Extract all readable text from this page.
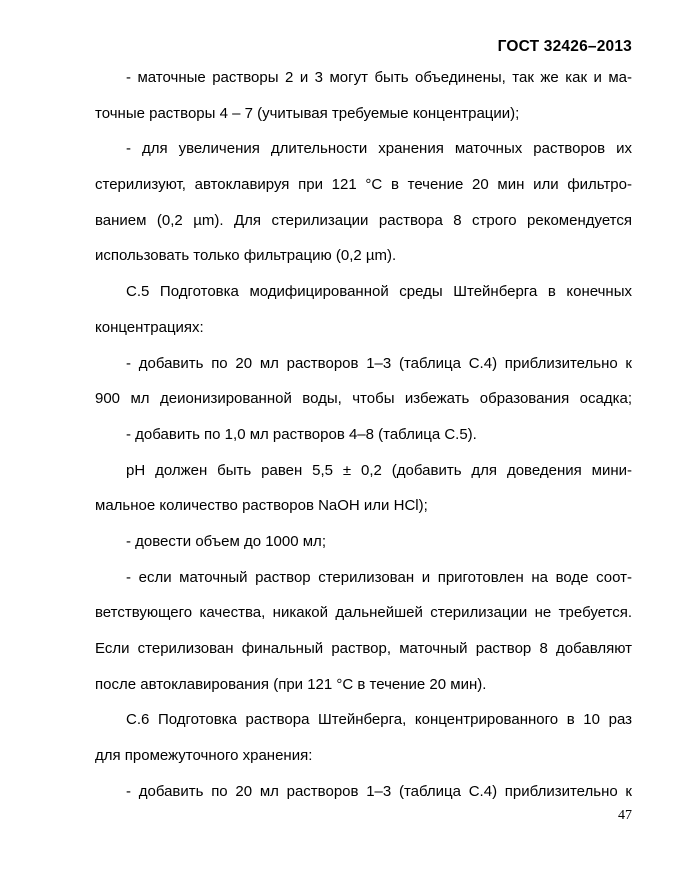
ГОСТ 32426–2013
- маточные растворы 2 и 3 могут быть объединены, так же как и ма-
точные растворы 4 – 7 (учитывая требуемые концентрации);
- для увеличения длительности хранения маточных растворов их
стерилизуют, автоклавируя при 121 °С в течение 20 мин или фильтро-
ванием (0,2 µm). Для стерилизации раствора 8 строго рекомендуется
использовать только фильтрацию (0,2 µm).
С.5 Подготовка модифицированной среды Штейнберга в конечных
концентрациях:
- добавить по 20 мл растворов 1–3 (таблица С.4) приблизительно к
900 мл деионизированной воды, чтобы избежать образования осадка;
- добавить по 1,0 мл растворов 4–8 (таблица С.5).
pH должен быть равен 5,5 ± 0,2 (добавить для доведения мини-
мальное количество растворов NaOH или HCl);
- довести объем до 1000 мл;
- если маточный раствор стерилизован и приготовлен на воде соот-
ветствующего качества, никакой дальнейшей стерилизации не требуется.
Если стерилизован финальный раствор, маточный раствор 8 добавляют
после автоклавирования (при 121 °С в течение 20 мин).
С.6 Подготовка раствора Штейнберга, концентрированного в 10 раз
для промежуточного хранения:
- добавить по 20 мл растворов 1–3 (таблица С.4) приблизительно к
47
